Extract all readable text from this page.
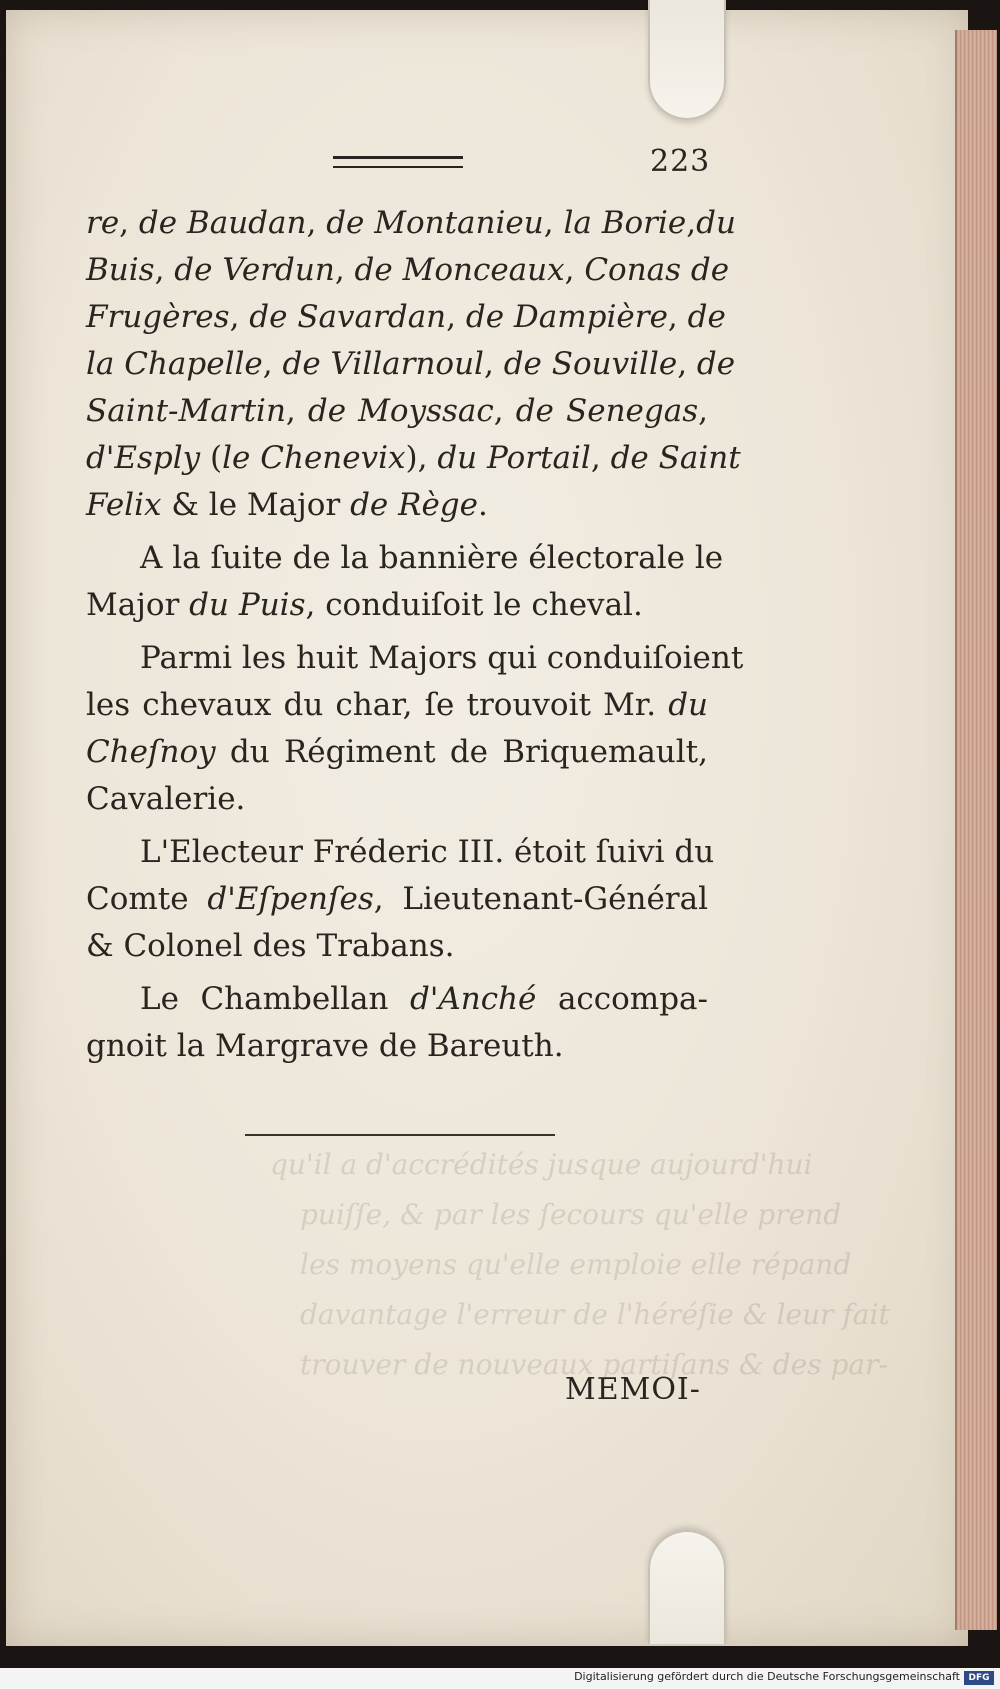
qu'il a d'accrédités jusque aujourd'hui
puiſſe, & par les ſecours qu'elle prend
les moyens qu'elle emploie elle répand
davantage l'erreur de l'héréſie & leur fait
trouver de nouveaux partiſans & des par-
223
re, de Baudan, de Montanieu, la Borie,du
Buis, de Verdun, de Monceaux, Conas de
Frugères, de Savardan, de Dampière, de
la Chapelle, de Villarnoul, de Souville, de
Saint-Martin, de Moyssac, de Senegas,
d'Esply (le Chenevix), du Portail, de Saint
Felix & le Major de Rège.
A la ſuite de la bannière électorale le
Major du Puis, conduiſoit le cheval.
Parmi les huit Majors qui conduiſoient
les chevaux du char, ſe trouvoit Mr. du
Cheſnoy du Régiment de Briquemault,
Cavalerie.
L'Electeur Fréderic III. étoit ſuivi du
Comte d'Eſpenſes, Lieutenant-Général
& Colonel des Trabans.
Le Chambellan d'Anché accompa-
gnoit la Margrave de Bareuth.
MEMOI-
Digitalisierung gefördert durch die Deutsche Forschungsgemeinschaft DFG
